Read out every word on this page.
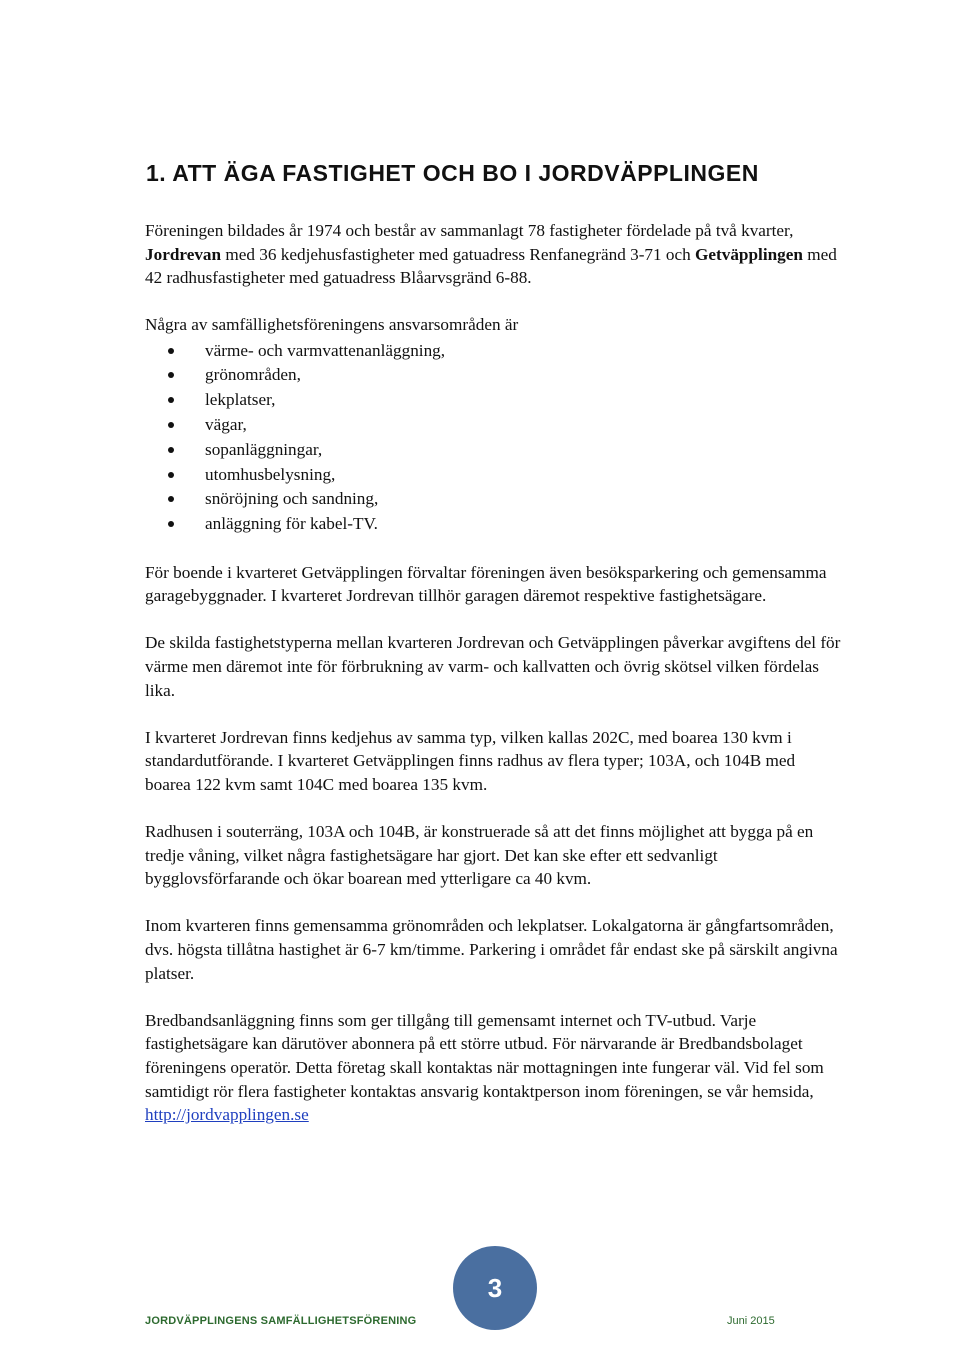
1. ATT ÄGA FASTIGHET OCH BO I JORDVÄPPLINGEN

Föreningen bildades år 1974 och består av sammanlagt 78 fastigheter fördelade på två kvarter, Jordrevan med 36 kedjehusfastigheter med gatuadress Renfanegränd 3-71 och Getväpplingen med 42 radhusfastigheter med gatuadress Blåarvsgränd 6-88.

Några av samfällighetsföreningens ansvarsområden är

värme- och varmvattenanläggning,
grönområden,
lekplatser,
vägar,
sopanläggningar,
utomhusbelysning,
snöröjning och sandning,
anläggning för kabel-TV.

För boende i kvarteret Getväpplingen förvaltar föreningen även besöksparkering och gemensamma garagebyggnader. I kvarteret Jordrevan tillhör garagen däremot respektive fastighetsägare.

De skilda fastighetstyperna mellan kvarteren Jordrevan och Getväpplingen påverkar avgiftens del för värme men däremot inte för förbrukning av varm- och kallvatten och övrig skötsel vilken fördelas lika.

I kvarteret Jordrevan finns kedjehus av samma typ, vilken kallas 202C, med boarea 130 kvm i standardutförande. I kvarteret Getväpplingen finns radhus av flera typer; 103A, och 104B med boarea 122 kvm samt 104C med boarea 135 kvm.

Radhusen i souterräng, 103A och 104B, är konstruerade så att det finns möjlighet att bygga på en tredje våning, vilket några fastighetsägare har gjort. Det kan ske efter ett sedvanligt bygglovsförfarande och ökar boarean med ytterligare ca 40 kvm.

Inom kvarteren finns gemensamma grönområden och lekplatser. Lokalgatorna är gångfartsområden, dvs. högsta tillåtna hastighet är 6-7 km/timme. Parkering i området får endast ske på särskilt angivna platser.

Bredbandsanläggning finns som ger tillgång till gemensamt internet och TV-utbud. Varje fastighetsägare kan därutöver abonnera på ett större utbud. För närvarande är Bredbandsbolaget föreningens operatör. Detta företag skall kontaktas när mottagningen inte fungerar väl. Vid fel som samtidigt rör flera fastigheter kontaktas ansvarig kontaktperson inom föreningen, se vår hemsida, http://jordvapplingen.se

3
JORDVÄPPLINGENS SAMFÄLLIGHETSFÖRENING	Juni 2015
